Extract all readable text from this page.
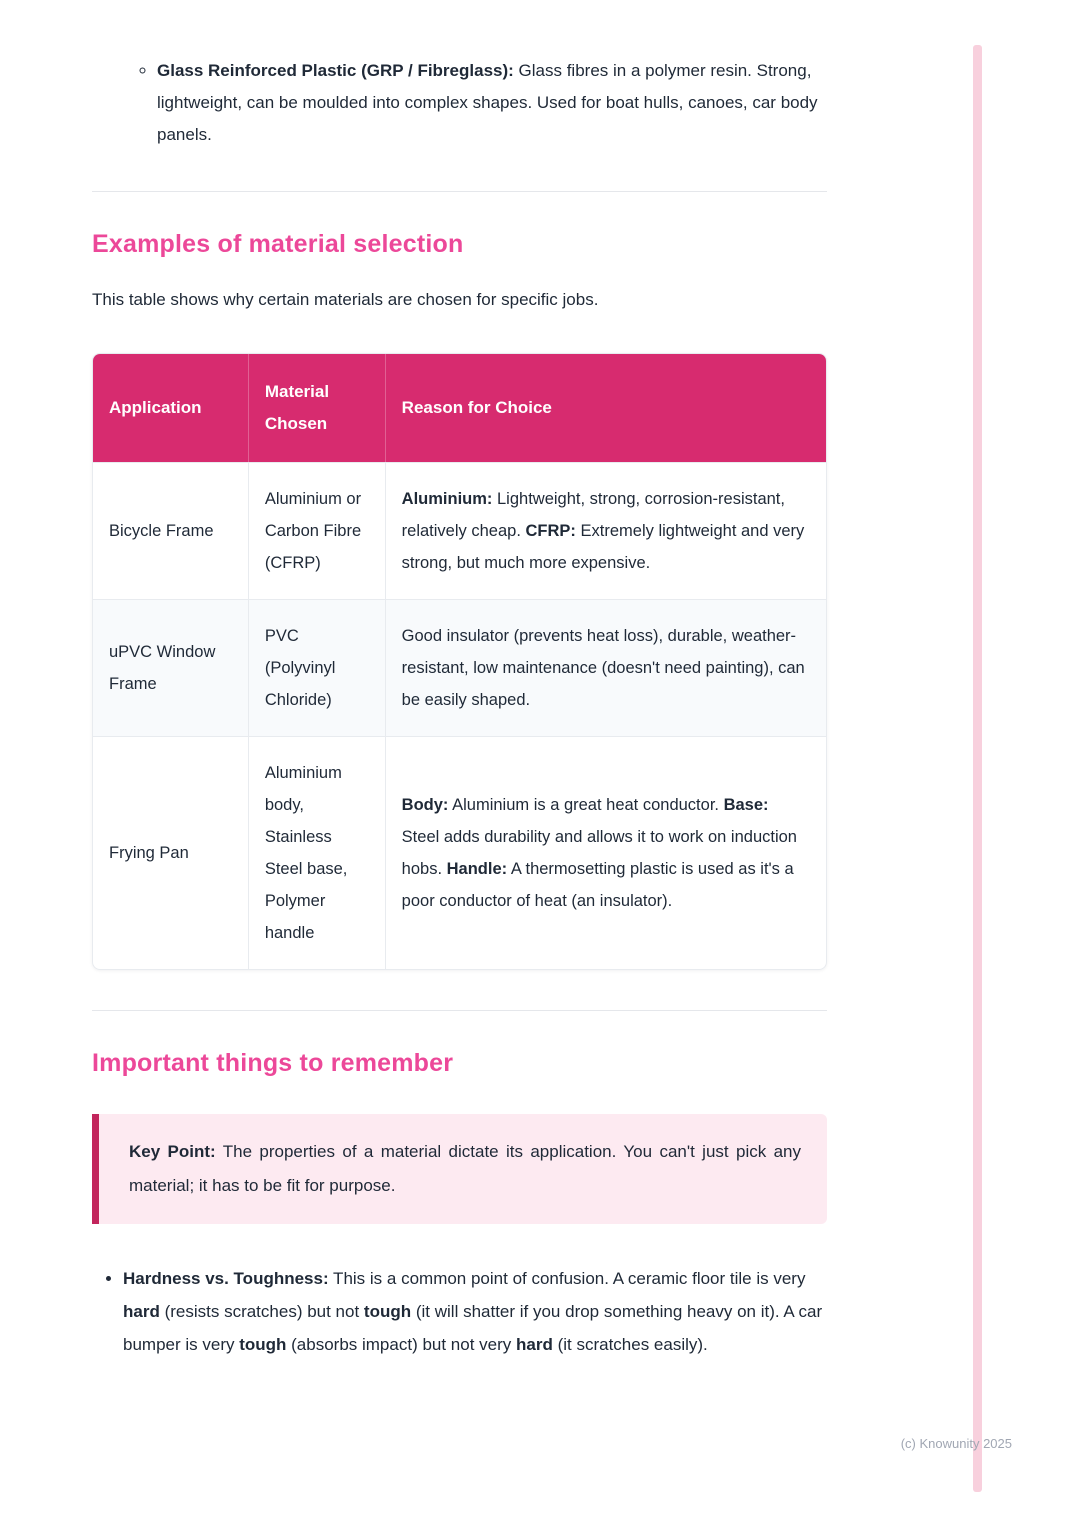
◦ Glass Reinforced Plastic (GRP / Fibreglass): Glass fibres in a polymer resin. Strong, lightweight, can be moulded into complex shapes. Used for boat hulls, canoes, car body panels.
Examples of material selection

This table shows why certain materials are chosen for specific jobs.

Application	Material Chosen	Reason for Choice
Bicycle Frame	Aluminium or Carbon Fibre (CFRP)	Aluminium: Lightweight, strong, corrosion-resistant, relatively cheap. CFRP: Extremely lightweight and very strong, but much more expensive.
uPVC Window Frame	PVC (Polyvinyl Chloride)	Good insulator (prevents heat loss), durable, weather-resistant, low maintenance (doesn't need painting), can be easily shaped.
Frying Pan	Aluminium body, Stainless Steel base, Polymer handle	Body: Aluminium is a great heat conductor. Base: Steel adds durability and allows it to work on induction hobs. Handle: A thermosetting plastic is used as it's a poor conductor of heat (an insulator).
Important things to remember

Key Point: The properties of a material dictate its application. You can't just pick any material; it has to be fit for purpose.

• Hardness vs. Toughness: This is a common point of confusion. A ceramic floor tile is very hard (resists scratches) but not tough (it will shatter if you drop something heavy on it). A car bumper is very tough (absorbs impact) but not very hard (it scratches easily).
(c) Knowunity 2025
